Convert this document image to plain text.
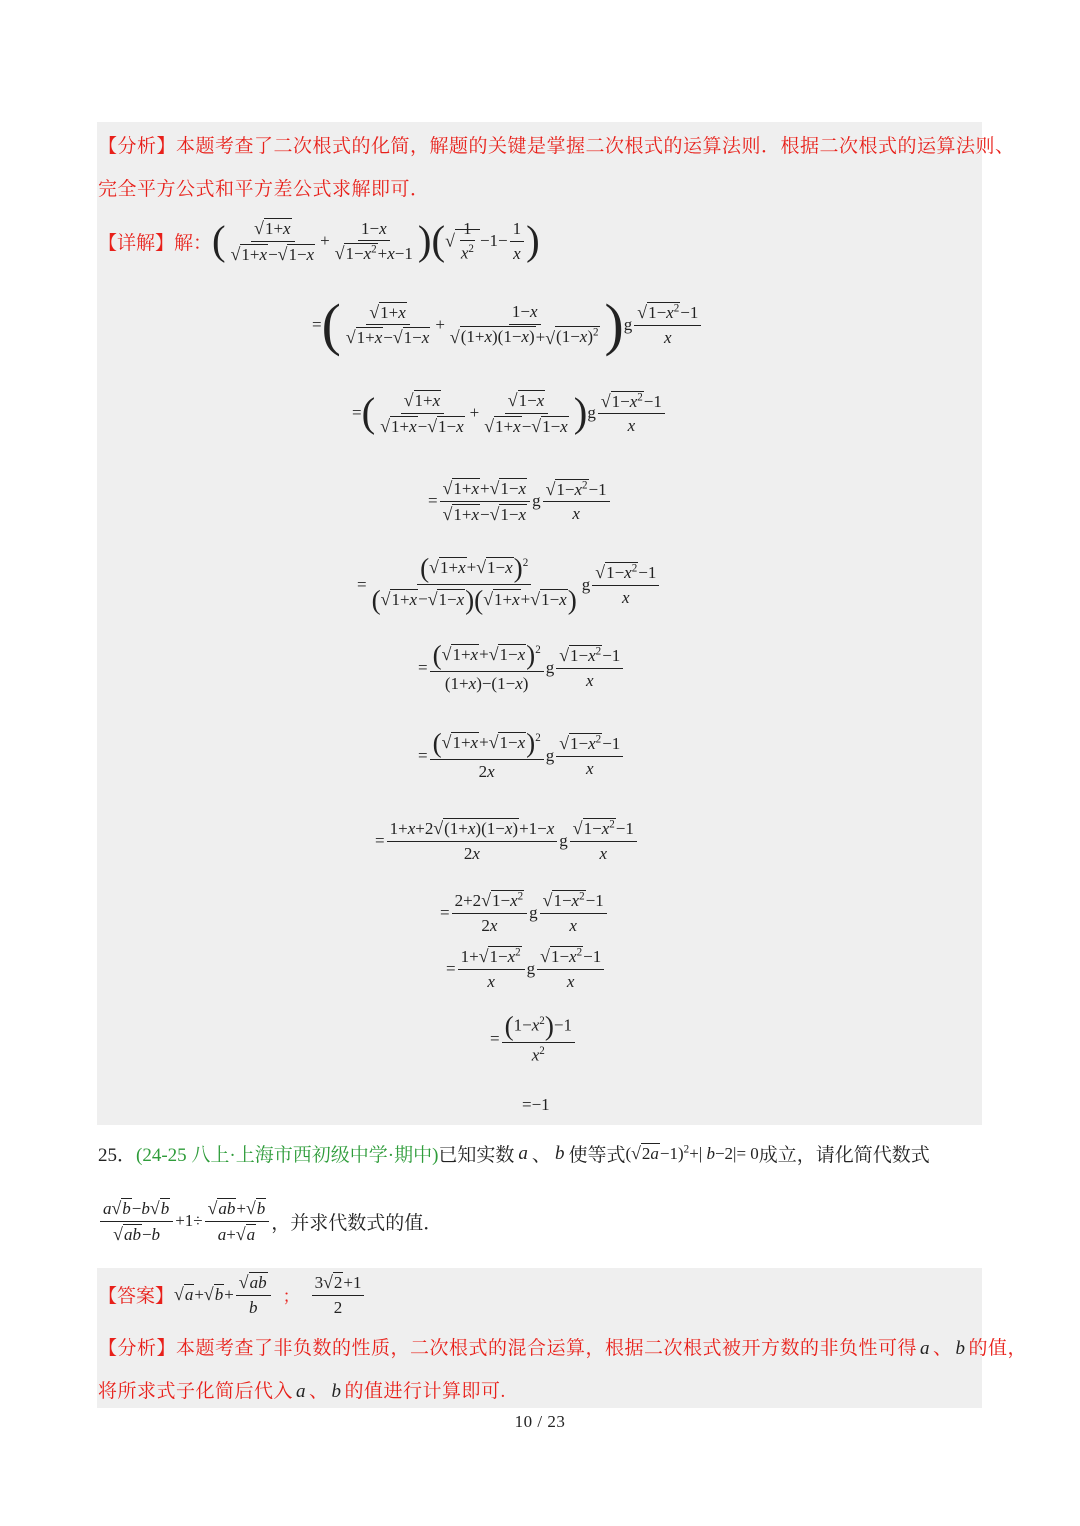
【分析】本题考查了二次根式的化简，解题的关键是掌握二次根式的运算法则．根据二次根式的运算法则、
完全平方公式和平方差公式求解即可．
【详解】 解： ( $\frac{√1+x}{√1+x-√1-x} + \frac{1-x}{√1-x^2+x-1}$ ) ( √ $\frac{1}{x^2} -1- \frac{1}{x}$ )
= ( $\frac{√1+x}{√1+x-√1-x} + \frac{1-x}{√(1+x)(1-x)+√(1-x)^2}$ ) g $\frac{√1-x^2-1}{x}$
= ( $\frac{√1+x}{√1+x-√1-x} + \frac{√1-x}{√1+x-√1-x}$ ) g $\frac{√1-x^2-1}{x}$
= $\frac{√1+x+√1-x}{√1+x-√1-x}$ g $\frac{√1-x^2-1}{x}$
= $\frac{(√1+x+√1-x)^2}{(√1+x-√1-x)(√1+x+√1-x)}$ g $\frac{√1-x^2-1}{x}$
= $\frac{(√1+x+√1-x)^2}{(1+x)-(1-x)}$ g $\frac{√1-x^2-1}{x}$
= $\frac{(√1+x+√1-x)^2}{2x}$ g $\frac{√1-x^2-1}{x}$
= $\frac{1+x+2√(1+x)(1-x)+1-x}{2x}$ g $\frac{√1-x^2-1}{x}$
= $\frac{2+2√1-x^2}{2x}$ g $\frac{√1-x^2-1}{x}$
= $\frac{1+√1-x^2}{x}$ g $\frac{√1-x^2-1}{x}$
= $\frac{(1-x^2)-1}{x^2}$
=−1
25． (24-25 八上·上海市西初级中学·期中) 已知实数 a 、 b 使等式 $(√2a-1)^2+|$ b−2|= 0 成立，请化简代数式
$\frac{a√b-b√b}{√ab-b} +1\div \frac{√ab+√b}{a+√a}$ ，并求代数式的值．
【答案】 $√a + √b + \frac{√ab}{b}$ ； $\frac{3√2+1}{2}$
【分析】本题考查了非负数的性质，二次根式的混合运算，根据二次根式被开方数的非负性可得 a 、 b 的值，
将所求式子化简后代入 a 、 b 的值进行计算即可.
10 / 23
